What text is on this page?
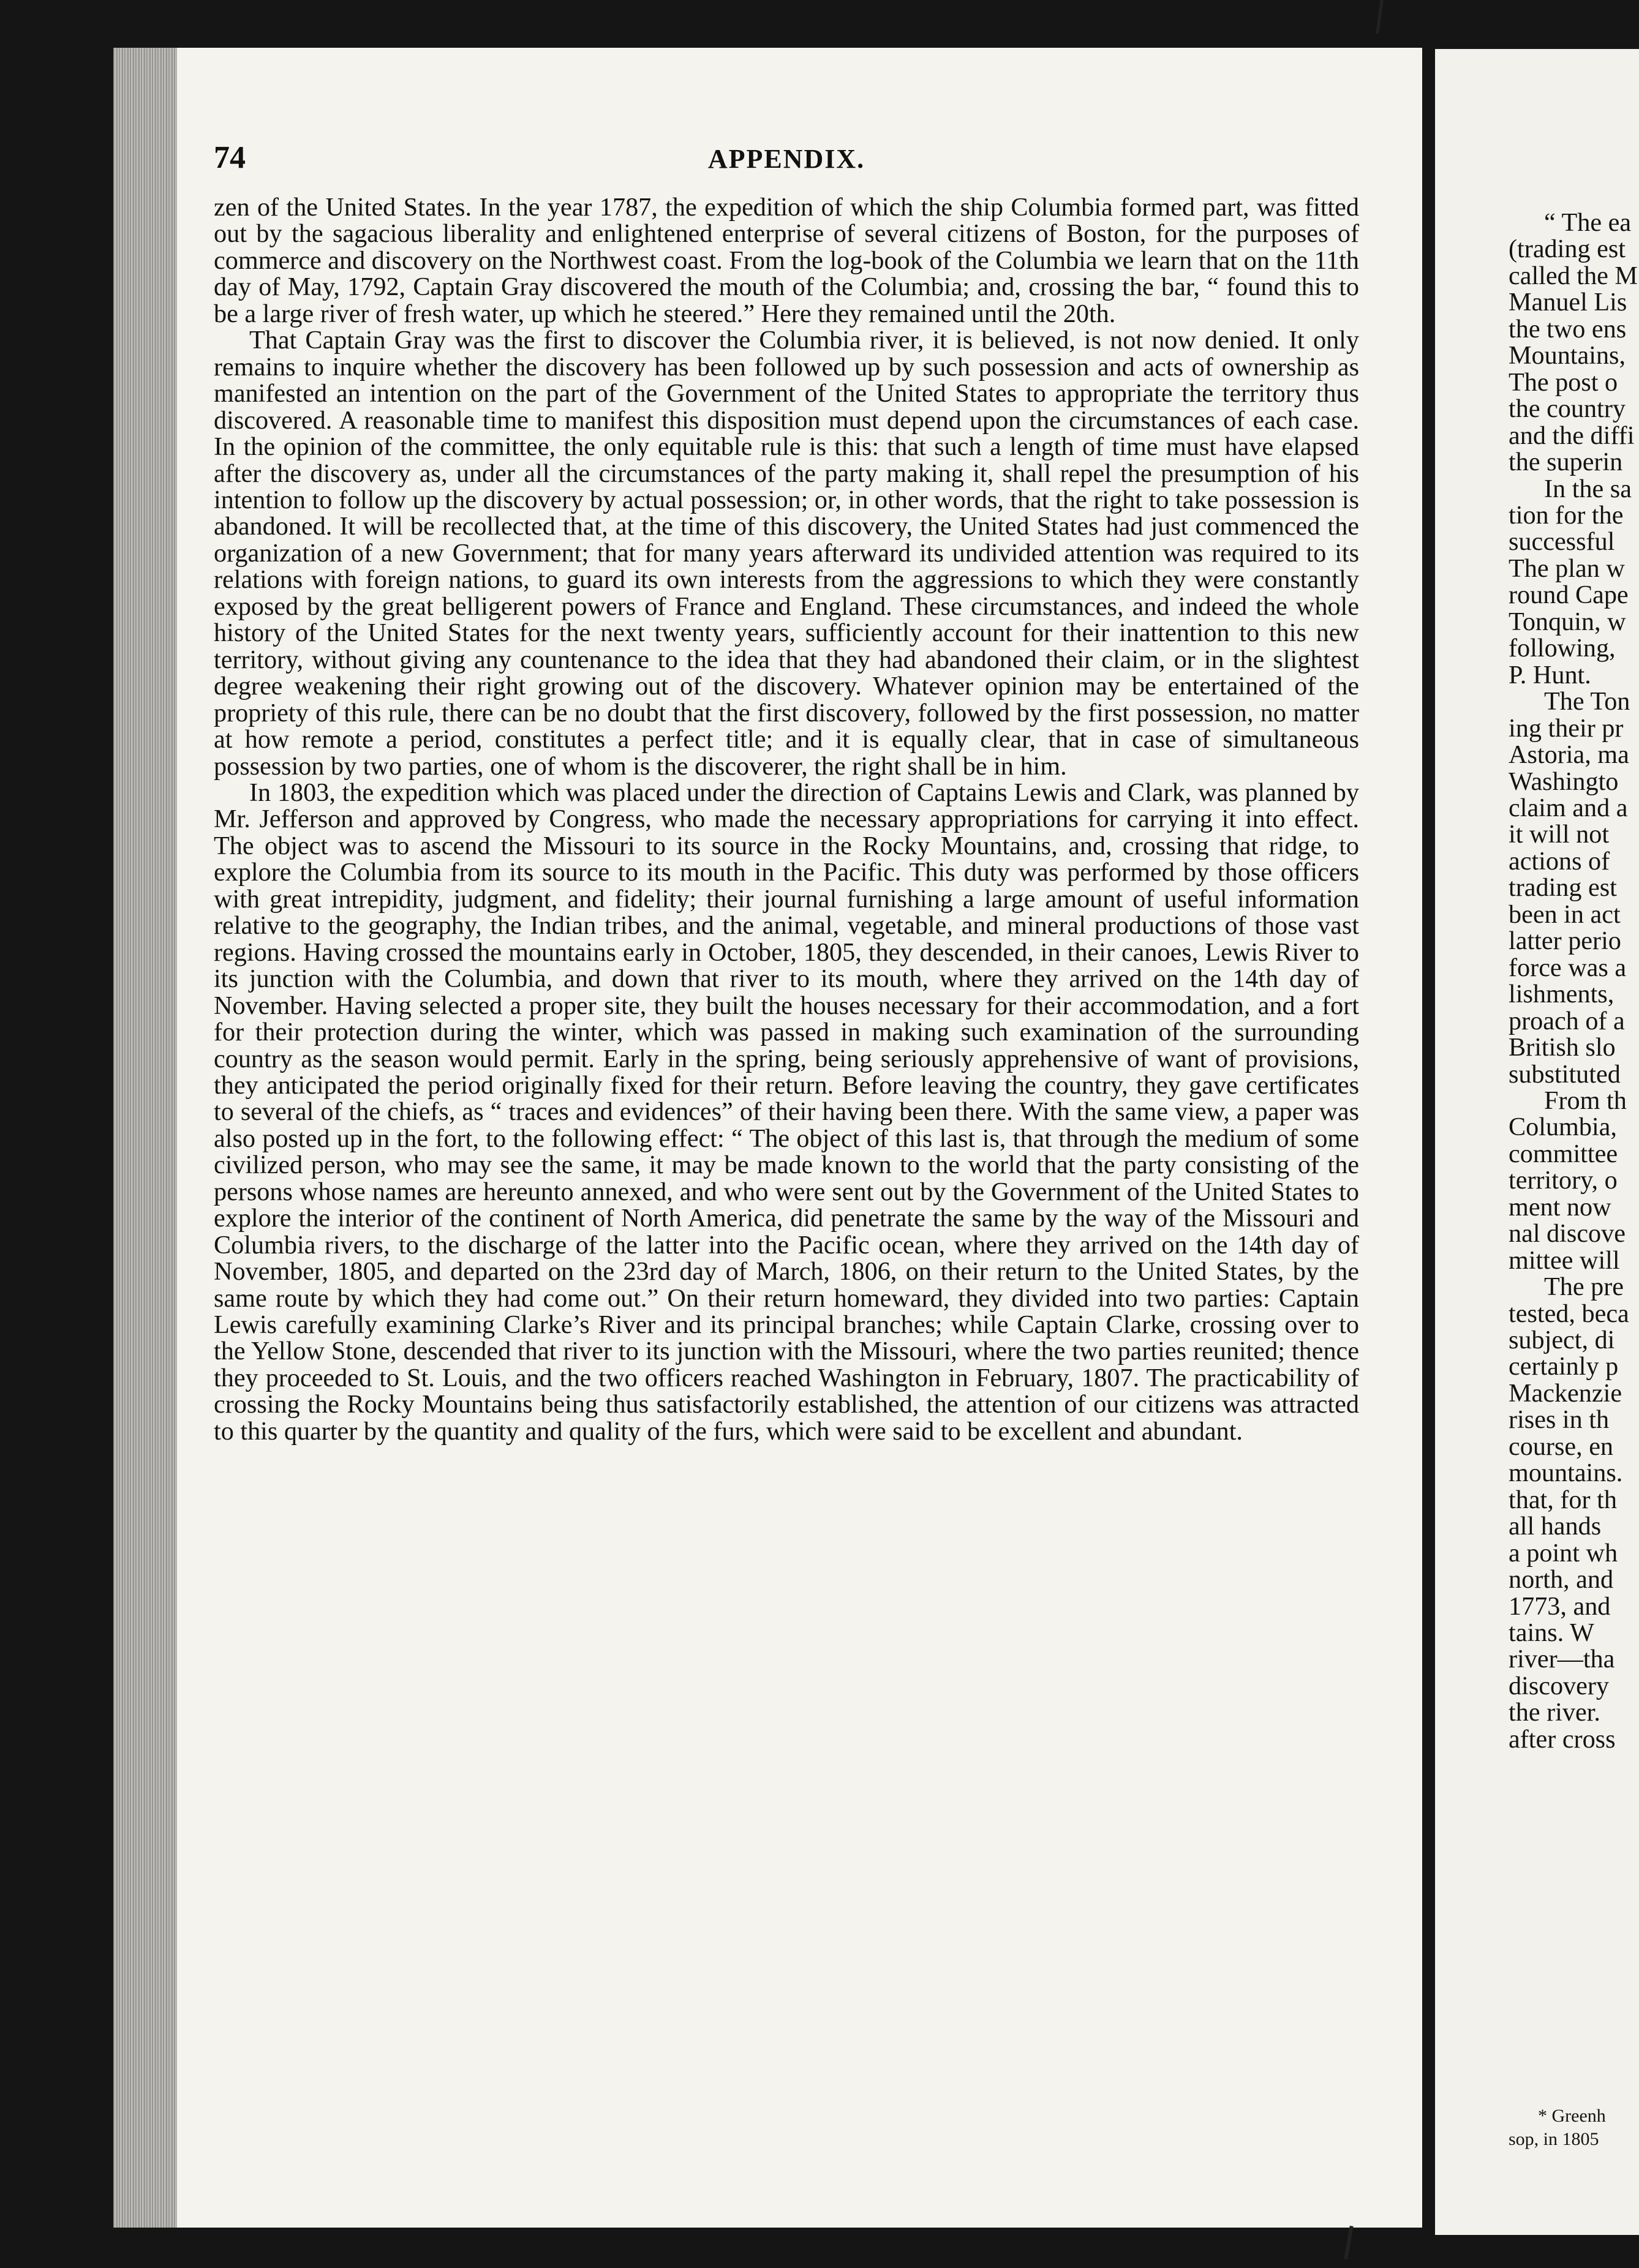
74	APPENDIX.

zen of the United States. In the year 1787, the expedition of which the ship Columbia formed part, was fitted out by the sagacious liberality and enlightened enterprise of several citizens of Boston, for the purposes of commerce and discovery on the Northwest coast. From the log-book of the Columbia we learn that on the 11th day of May, 1792, Captain Gray discovered the mouth of the Columbia; and, crossing the bar, “ found this to be a large river of fresh water, up which he steered.” Here they remained until the 20th.

That Captain Gray was the first to discover the Columbia river, it is believed, is not now denied. It only remains to inquire whether the discovery has been followed up by such possession and acts of ownership as manifested an intention on the part of the Government of the United States to appropriate the territory thus discovered. A reasonable time to manifest this disposition must depend upon the circumstances of each case. In the opinion of the committee, the only equitable rule is this: that such a length of time must have elapsed after the discovery as, under all the circumstances of the party making it, shall repel the presumption of his intention to follow up the discovery by actual possession; or, in other words, that the right to take possession is abandoned. It will be recollected that, at the time of this discovery, the United States had just commenced the organization of a new Government; that for many years afterward its undivided attention was required to its relations with foreign nations, to guard its own interests from the aggressions to which they were constantly exposed by the great belligerent powers of France and England. These circumstances, and indeed the whole history of the United States for the next twenty years, sufficiently account for their inattention to this new territory, without giving any countenance to the idea that they had abandoned their claim, or in the slightest degree weakening their right growing out of the discovery. Whatever opinion may be entertained of the propriety of this rule, there can be no doubt that the first discovery, followed by the first possession, no matter at how remote a period, constitutes a perfect title; and it is equally clear, that in case of simultaneous possession by two parties, one of whom is the discoverer, the right shall be in him.

In 1803, the expedition which was placed under the direction of Captains Lewis and Clark, was planned by Mr. Jefferson and approved by Congress, who made the necessary appropriations for carrying it into effect. The object was to ascend the Missouri to its source in the Rocky Mountains, and, crossing that ridge, to explore the Columbia from its source to its mouth in the Pacific. This duty was performed by those officers with great intrepidity, judgment, and fidelity; their journal furnishing a large amount of useful information relative to the geography, the Indian tribes, and the animal, vegetable, and mineral productions of those vast regions. Having crossed the mountains early in October, 1805, they descended, in their canoes, Lewis River to its junction with the Columbia, and down that river to its mouth, where they arrived on the 14th day of November. Having selected a proper site, they built the houses necessary for their accommodation, and a fort for their protection during the winter, which was passed in making such examination of the surrounding country as the season would permit. Early in the spring, being seriously apprehensive of want of provisions, they anticipated the period originally fixed for their return. Before leaving the country, they gave certificates to several of the chiefs, as “ traces and evidences” of their having been there. With the same view, a paper was also posted up in the fort, to the following effect: “ The object of this last is, that through the medium of some civilized person, who may see the same, it may be made known to the world that the party consisting of the persons whose names are hereunto annexed, and who were sent out by the Government of the United States to explore the interior of the continent of North America, did penetrate the same by the way of the Missouri and Columbia rivers, to the discharge of the latter into the Pacific ocean, where they arrived on the 14th day of November, 1805, and departed on the 23rd day of March, 1806, on their return to the United States, by the same route by which they had come out.” On their return homeward, they divided into two parties: Captain Lewis carefully examining Clarke’s River and its principal branches; while Captain Clarke, crossing over to the Yellow Stone, descended that river to its junction with the Missouri, where the two parties reunited; thence they proceeded to St. Louis, and the two officers reached Washington in February, 1807. The practicability of crossing the Rocky Mountains being thus satisfactorily established, the attention of our citizens was attracted to this quarter by the quantity and quality of the furs, which were said to be excellent and abundant.

“ The ea
(trading est
called the M
Manuel Lis
the two ens
Mountains,
The post o
the country
and the diffi
the superin
In the sa
tion for the
successful
The plan w
round Cape
Tonquin, w
following,
P. Hunt.
The Ton
ing their pr
Astoria, ma
Washingto
claim and a
it will not
actions of
trading est
been in act
latter perio
force was a
lishments,
proach of a
British slo
substituted
From th
Columbia,
committee
territory, o
ment now
nal discove
mittee will
The pre
tested, beca
subject, di
certainly p
Mackenzie
rises in th
course, en
mountains.
that, for th
all hands
a point wh
north, and
1773, and
tains. W
river—tha
discovery
the river.
after cross
* Greenh
sop, in 1805
